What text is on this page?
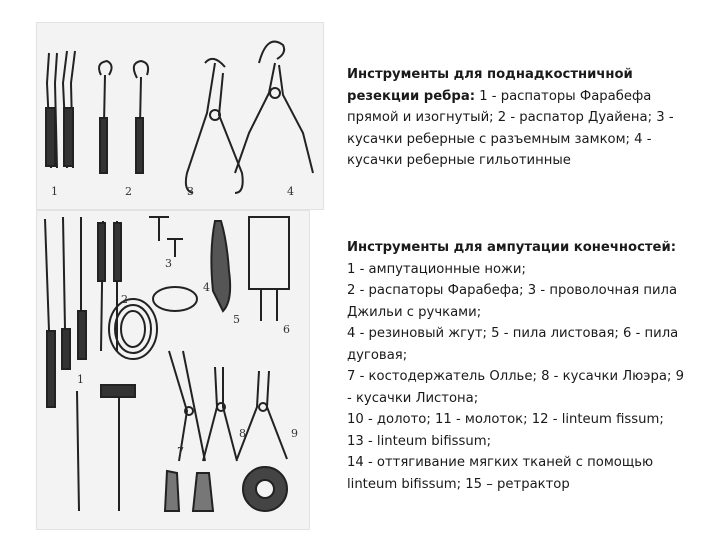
1	2	3	4
1
2
3
4
5
6
7
8	9
Инструменты для поднадкостничной резекции ребра: 1 - распаторы Фарабефа прямой и изогнутый; 2 - распатор Дуайена; 3 - кусачки реберные с разъемным замком; 4 - кусачки реберные гильотинные
Инструменты для ампутации конечностей:
1 - ампутационные ножи;
2 - распаторы Фарабефа; 3 - проволочная пила Джильи с ручками;
4 - резиновый жгут; 5 - пила листовая; 6 - пила дуговая;
7 - костодержатель Олльe; 8 - кусачки Люэра; 9 - кусачки Листона;
10 - долото; 11 - молоток; 12 - linteum fissum;
13 - linteum bifissum;
14 - оттягивание мягких тканей с помощью linteum bifissum; 15 – ретрактор
